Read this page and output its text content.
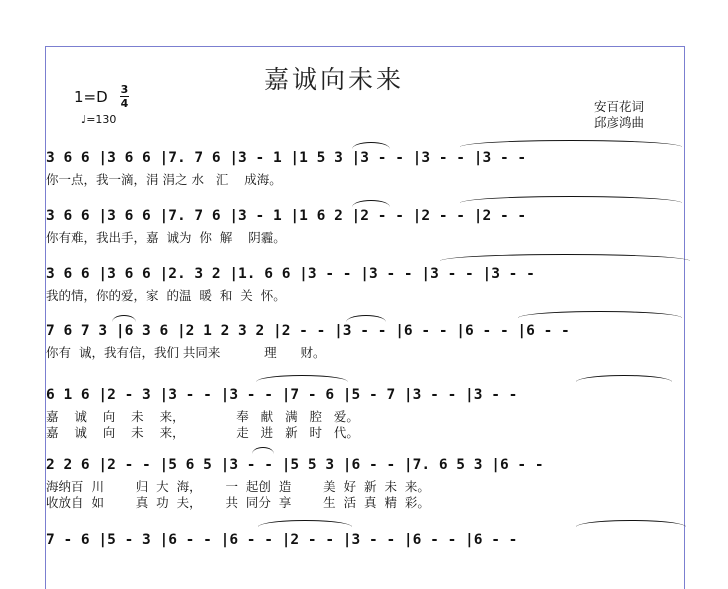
嘉诚向未来
1=D 3
4
♩=130
安百花词
邱彦鸿曲
3 6 6 |3 6 6 |7. 7 6 |3 - 1 |1 5 3 |3 - - |3 - - |3 - -
你一点，我一滴，涓 涓之 水   汇    成海。
3 6 6 |3 6 6 |7. 7 6 |3 - 1 |1 6 2 |2 - - |2 - - |2 - -
你有难，我出手，嘉  诚为  你  解    阴霾。
3 6 6 |3 6 6 |2. 3 2 |1. 6 6 |3 - - |3 - - |3 - - |3 - -
我的情，你的爱，家  的温  暖  和  关  怀。
7 6 7 3 |6 3 6 |2 1 2 3 2 |2 - - |3 - - |6 - - |6 - - |6 - -
你有  诚，我有信，我们 共同来           理      财。
6 1 6 |2 - 3 |3 - - |3 - - |7 - 6 |5 - 7 |3 - - |3 - -
嘉    诚    向    未    来，             奉   献   满   腔   爱。
嘉    诚    向    未    来，             走   进   新   时   代。
2 2 6 |2 - - |5 6 5 |3 - - |5 5 3 |6 - - |7. 6 5 3 |6 - -
海纳百  川        归  大  海，      一  起创  造        美  好  新  未  来。
收放自  如        真  功  夫，      共  同分  享        生  活  真  精  彩。
7 - 6 |5 - 3 |6 - - |6 - - |2 - - |3 - - |6 - - |6 - -
